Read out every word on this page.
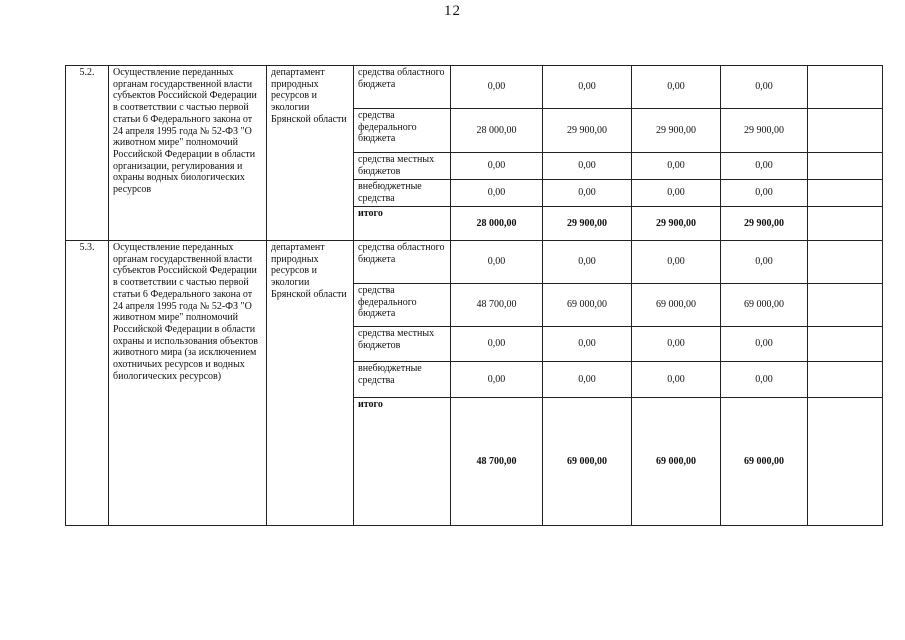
12
5.2.	Осуществление переданных органам государственной власти субъектов Российской Федерации в соответствии с частью первой статьи 6 Федерального закона от 24 апреля 1995 года № 52-ФЗ "О животном мире" полномочий Российской Федерации в области организации, регулирования и охраны водных биологических ресурсов	департамент природных ресурсов и экологии Брянской области	средства областного бюджета	0,00	0,00	0,00	0,00	
			средства федерального бюджета	28 000,00	29 900,00	29 900,00	29 900,00	
			средства местных бюджетов	0,00	0,00	0,00	0,00	
			внебюджетные средства	0,00	0,00	0,00	0,00	
			итого	28 000,00	29 900,00	29 900,00	29 900,00	
5.3.	Осуществление переданных органам государственной власти субъектов Российской Федерации в соответствии с частью первой статьи 6 Федерального закона от 24 апреля 1995 года № 52-ФЗ "О животном мире" полномочий Российской Федерации в области охраны и использования объектов животного мира (за исключением охотничьих ресурсов и водных биологических ресурсов)	департамент природных ресурсов и экологии Брянской области	средства областного бюджета	0,00	0,00	0,00	0,00	
			средства федерального бюджета	48 700,00	69 000,00	69 000,00	69 000,00	
			средства местных бюджетов	0,00	0,00	0,00	0,00	
			внебюджетные средства	0,00	0,00	0,00	0,00	
			итого	48 700,00	69 000,00	69 000,00	69 000,00	
